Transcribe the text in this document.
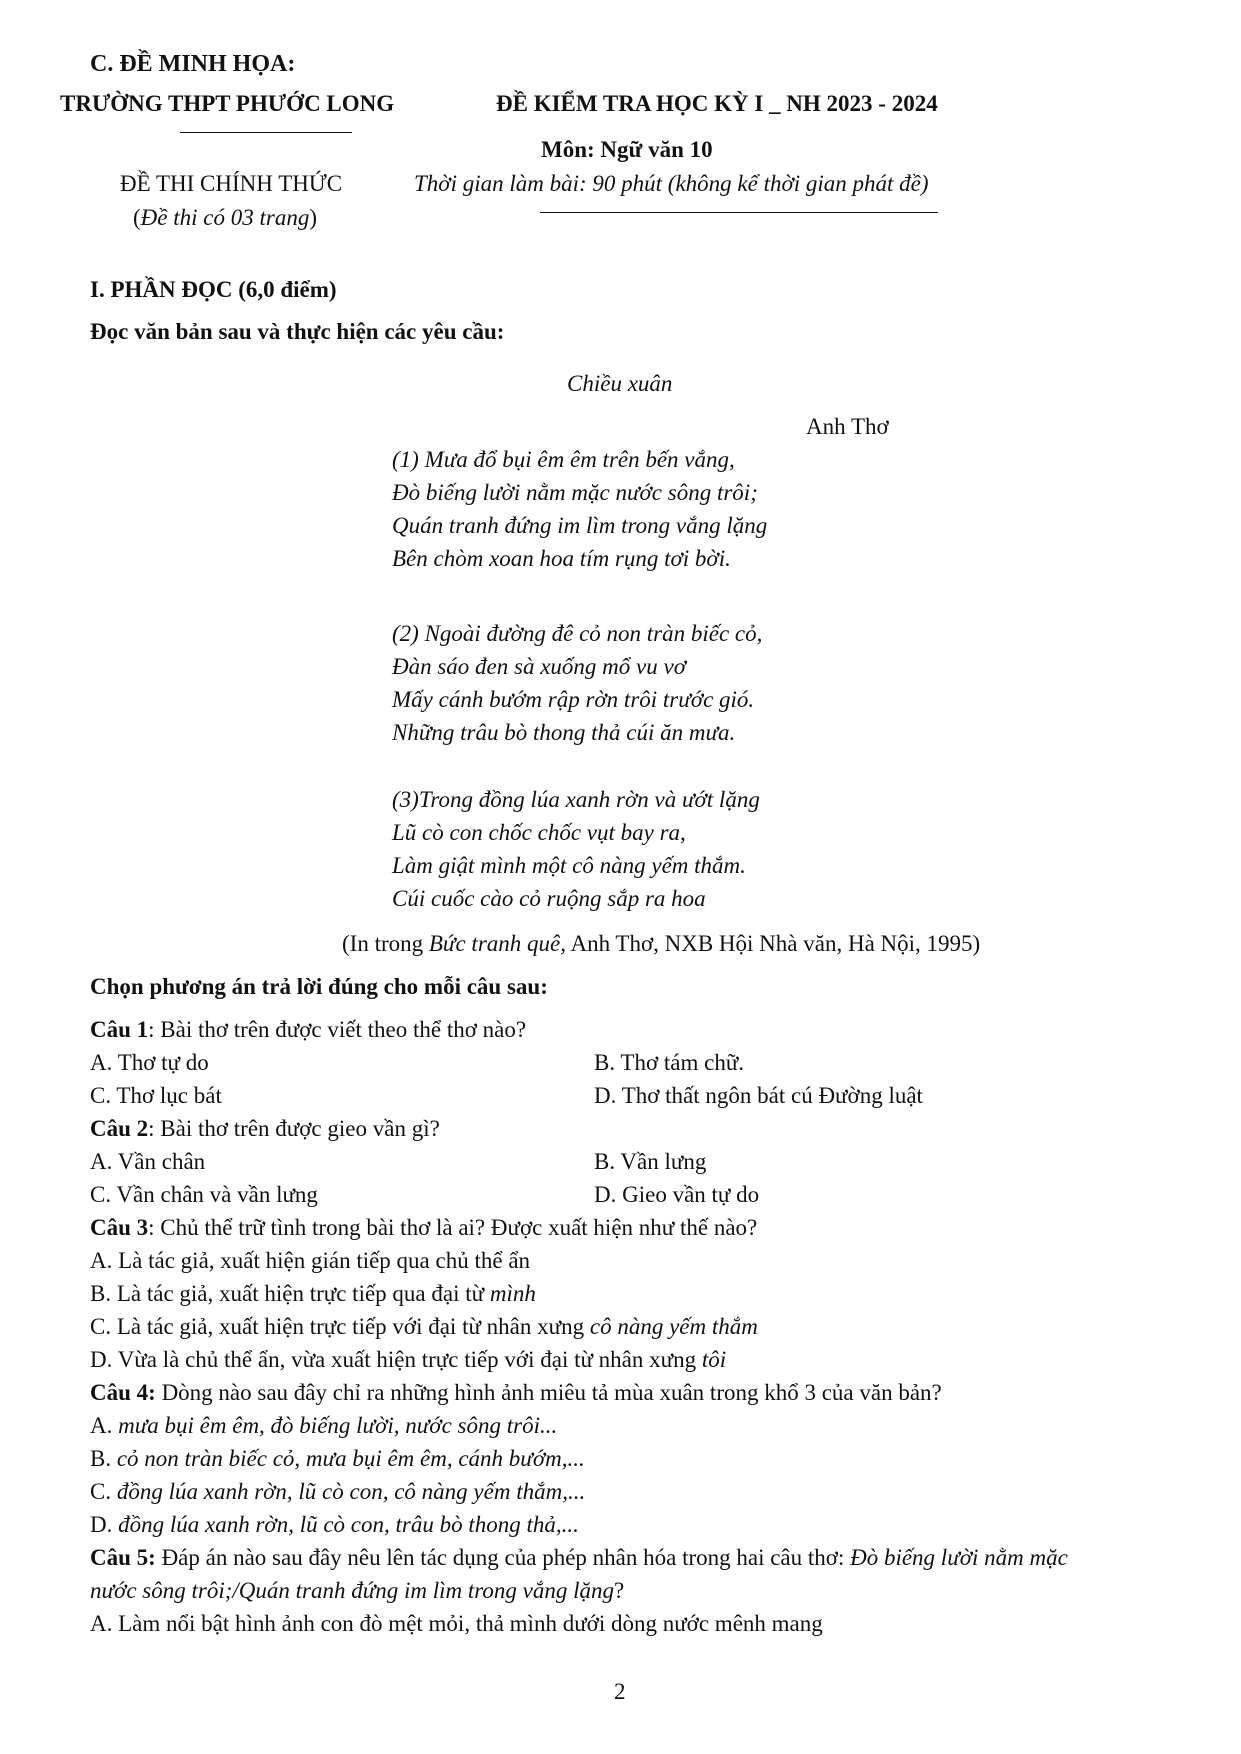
C. ĐỀ MINH HỌA:
TRƯỜNG THPT PHƯỚC LONG	ĐỀ KIỂM TRA HỌC KỲ I _ NH 2023 - 2024
Môn: Ngữ văn 10
ĐỀ THI CHÍNH THỨC	Thời gian làm bài: 90 phút (không kể thời gian phát đề)
(Đề thi có 03 trang)
I. PHẦN ĐỌC (6,0 điểm)
Đọc văn bản sau và thực hiện các yêu cầu:
Chiều xuân
Anh Thơ
(1) Mưa đổ bụi êm êm trên bến vắng,
Đò biếng lười nằm mặc nước sông trôi;
Quán tranh đứng im lìm trong vắng lặng
Bên chòm xoan hoa tím rụng tơi bời.
(2) Ngoài đường đê cỏ non tràn biếc cỏ,
Đàn sáo đen sà xuống mổ vu vơ
Mấy cánh bướm rập rờn trôi trước gió.
Những trâu bò thong thả cúi ăn mưa.
(3)Trong đồng lúa xanh rờn và ướt lặng
Lũ cò con chốc chốc vụt bay ra,
Làm giật mình một cô nàng yếm thắm.
Cúi cuốc cào cỏ ruộng sắp ra hoa
(In trong Bức tranh quê, Anh Thơ, NXB Hội Nhà văn, Hà Nội, 1995)
Chọn phương án trả lời đúng cho mỗi câu sau:
Câu 1: Bài thơ trên được viết theo thể thơ nào?
A. Thơ tự do	B. Thơ tám chữ.
C. Thơ lục bát	D. Thơ thất ngôn bát cú Đường luật
Câu 2: Bài thơ trên được gieo vần gì?
A. Vần chân	B. Vần lưng
C. Vần chân và vần lưng	D. Gieo vần tự do
Câu 3: Chủ thể trữ tình trong bài thơ là ai? Được xuất hiện như thế nào?
A. Là tác giả, xuất hiện gián tiếp qua chủ thể ẩn
B. Là tác giả, xuất hiện trực tiếp qua đại từ mình
C. Là tác giả, xuất hiện trực tiếp với đại từ nhân xưng cô nàng yếm thắm
D. Vừa là chủ thể ẩn, vừa xuất hiện trực tiếp với đại từ nhân xưng tôi
Câu 4: Dòng nào sau đây chỉ ra những hình ảnh miêu tả mùa xuân trong khổ 3 của văn bản?
A. mưa bụi êm êm, đò biếng lười, nước sông trôi...
B. cỏ non tràn biếc cỏ, mưa bụi êm êm, cánh bướm,...
C. đồng lúa xanh rờn, lũ cò con, cô nàng yếm thắm,...
D. đồng lúa xanh rờn, lũ cò con, trâu bò thong thả,...
Câu 5: Đáp án nào sau đây nêu lên tác dụng của phép nhân hóa trong hai câu thơ: Đò biếng lười nằm mặc
nước sông trôi;/Quán tranh đứng im lìm trong vắng lặng?
A. Làm nổi bật hình ảnh con đò mệt mỏi, thả mình dưới dòng nước mênh mang
2
